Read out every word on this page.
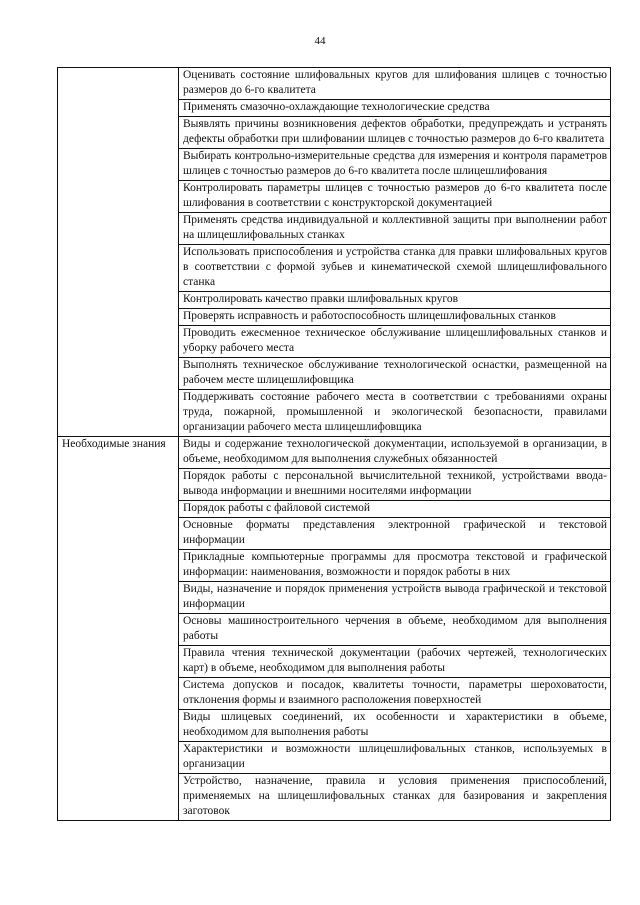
44
	Оценивать состояние шлифовальных кругов для шлифования шлицев с точностью размеров до 6-го квалитета
	Применять смазочно-охлаждающие технологические средства
	Выявлять причины возникновения дефектов обработки, предупреждать и устранять дефекты обработки при шлифовании шлицев с точностью размеров до 6-го квалитета
	Выбирать контрольно-измерительные средства для измерения и контроля параметров шлицев с точностью размеров до 6-го квалитета после шлицешлифования
	Контролировать параметры шлицев с точностью размеров до 6-го квалитета после шлифования в соответствии с конструкторской документацией
	Применять средства индивидуальной и коллективной защиты при выполнении работ на шлицешлифовальных станках
	Использовать приспособления и устройства станка для правки шлифовальных кругов в соответствии с формой зубьев и кинематической схемой шлицешлифовального станка
	Контролировать качество правки шлифовальных кругов
	Проверять исправность и работоспособность шлицешлифовальных станков
	Проводить ежесменное техническое обслуживание шлицешлифовальных станков и уборку рабочего места
	Выполнять техническое обслуживание технологической оснастки, размещенной на рабочем месте шлицешлифовщика
	Поддерживать состояние рабочего места в соответствии с требованиями охраны труда, пожарной, промышленной и экологической безопасности, правилами организации рабочего места шлицешлифовщика
Необходимые знания	Виды и содержание технологической документации, используемой в организации, в объеме, необходимом для выполнения служебных обязанностей
	Порядок работы с персональной вычислительной техникой, устройствами ввода-вывода информации и внешними носителями информации
	Порядок работы с файловой системой
	Основные форматы представления электронной графической и текстовой информации
	Прикладные компьютерные программы для просмотра текстовой и графической информации: наименования, возможности и порядок работы в них
	Виды, назначение и порядок применения устройств вывода графической и текстовой информации
	Основы машиностроительного черчения в объеме, необходимом для выполнения работы
	Правила чтения технической документации (рабочих чертежей, технологических карт) в объеме, необходимом для выполнения работы
	Система допусков и посадок, квалитеты точности, параметры шероховатости, отклонения формы и взаимного расположения поверхностей
	Виды шлицевых соединений, их особенности и характеристики в объеме, необходимом для выполнения работы
	Характеристики и возможности шлицешлифовальных станков, используемых в организации
	Устройство, назначение, правила и условия применения приспособлений, применяемых на шлицешлифовальных станках для базирования и закрепления заготовок
